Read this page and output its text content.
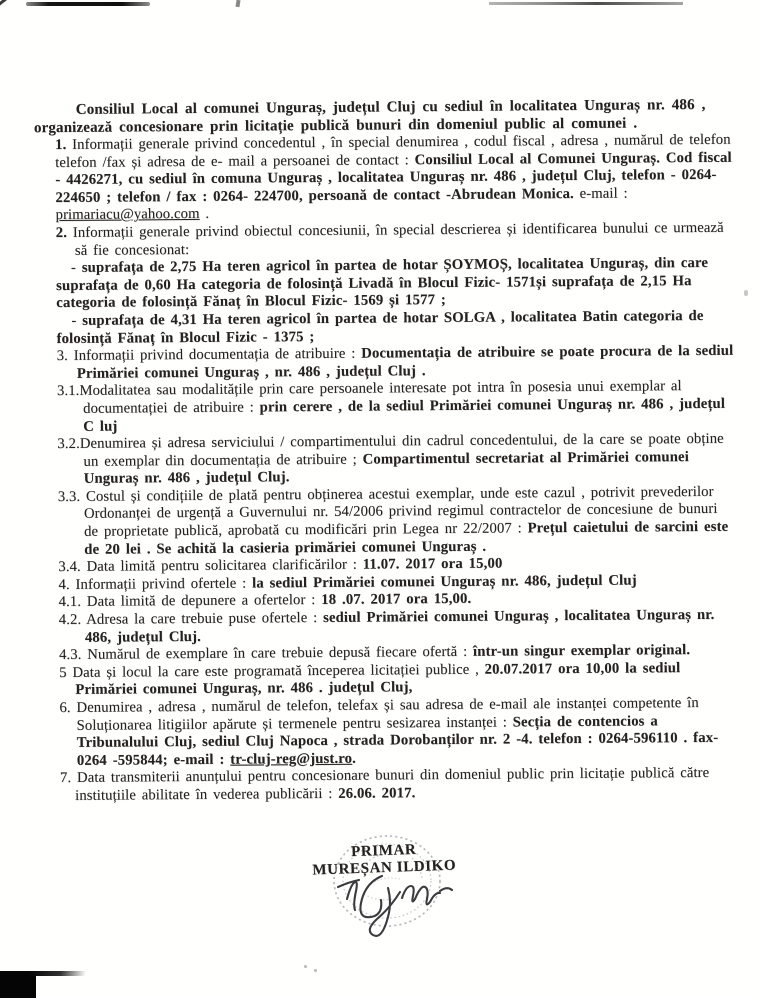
Consiliul Local al comunei Unguraș, județul Cluj cu sediul în localitatea Unguraș nr. 486 ,
organizează concesionare prin licitație publică bunuri din domeniul public al comunei .

1. Informații generale privind concedentul , în special denumirea , codul fiscal , adresa , numărul de telefon telefon /fax și adresa de e- mail a persoanei de contact : Consiliul Local al Comunei Unguraș. Cod fiscal - 4426271, cu sediul în comuna Unguraș , localitatea Unguraș nr. 486 , județul Cluj, telefon - 0264- 224650 ; telefon / fax : 0264- 224700, persoană de contact -Abrudean Monica. e-mail : primariacu@yahoo.com .

2. Informații generale privind obiectul concesiunii, în special descrierea și identificarea bunului ce urmează să fie concesionat:

- suprafața de 2,75 Ha teren agricol în partea de hotar ȘOYMOȘ, localitatea Unguraș, din care suprafața de 0,60 Ha categoria de folosință Livadă în Blocul Fizic- 1571și suprafața de 2,15 Ha categoria de folosință Fănaț în Blocul Fizic- 1569 și 1577 ;

- suprafața de 4,31 Ha teren agricol în partea de hotar SOLGA , localitatea Batin categoria de folosință Fănaț în Blocul Fizic - 1375 ;

3. Informații privind documentația de atribuire : Documentația de atribuire se poate procura de la sediul Primăriei comunei Unguraș , nr. 486 , județul Cluj .

3.1.Modalitatea sau modalitățile prin care persoanele interesate pot intra în posesia unui exemplar al documentației de atribuire : prin cerere , de la sediul Primăriei comunei Unguraș nr. 486 , județul C luj

3.2.Denumirea și adresa serviciului / compartimentului din cadrul concedentului, de la care se poate obține un exemplar din documentația de atribuire ; Compartimentul secretariat al Primăriei comunei Unguraș nr. 486 , județul Cluj.

3.3. Costul și condițiile de plată pentru obținerea acestui exemplar, unde este cazul , potrivit prevederilor Ordonanței de urgență a Guvernului nr. 54/2006 privind regimul contractelor de concesiune de bunuri de proprietate publică, aprobată cu modificări prin Legea nr 22/2007 : Prețul caietului de sarcini este de 20 lei . Se achită la casieria primăriei comunei Unguraș .

3.4. Data limită pentru solicitarea clarificărilor : 11.07. 2017 ora 15,00

4. Informații privind ofertele : la sediul Primăriei comunei Unguraș nr. 486, județul Cluj

4.1. Data limită de depunere a ofertelor : 18 .07. 2017 ora 15,00.

4.2. Adresa la care trebuie puse ofertele : sediul Primăriei comunei Unguraș , localitatea Unguraș nr. 486, județul Cluj.

4.3. Numărul de exemplare în care trebuie depusă fiecare ofertă : într-un singur exemplar original.

5 Data și locul la care este programată începerea licitației publice , 20.07.2017 ora 10,00 la sediul Primăriei comunei Unguraș, nr. 486 . județul Cluj,

6. Denumirea , adresa , numărul de telefon, telefax și sau adresa de e-mail ale instanței competente în Soluționarea litigiilor apărute și termenele pentru sesizarea instanței : Secția de contencios a Tribunalului Cluj, sediul Cluj Napoca , strada Dorobanților nr. 2 -4. telefon : 0264-596110 . fax- 0264 -595844; e-mail : tr-cluj-reg@just.ro.

7. Data transmiterii anunțului pentru concesionare bunuri din domeniul public prin licitație publică către instituțiile abilitate în vederea publicării : 26.06. 2017.

PRIMAR
MUREȘAN ILDIKO
